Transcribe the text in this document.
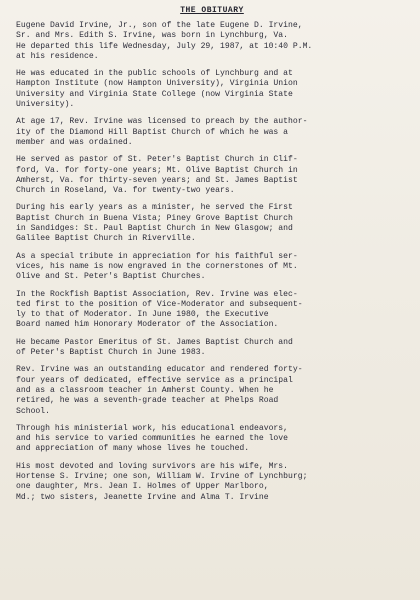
THE OBITUARY
Eugene David Irvine, Jr., son of the late Eugene D. Irvine,
Sr. and Mrs. Edith S. Irvine, was born in Lynchburg, Va.
He departed this life Wednesday, July 29, 1987, at 10:40 P.M.
at his residence.
He was educated in the public schools of Lynchburg and at
Hampton Institute (now Hampton University), Virginia Union
University and Virginia State College (now Virginia State
University).
At age 17, Rev. Irvine was licensed to preach by the author-
ity of the Diamond Hill Baptist Church of which he was a
member and was ordained.
He served as pastor of St. Peter's Baptist Church in Clif-
ford, Va. for forty-one years; Mt. Olive Baptist Church in
Amherst, Va. for thirty-seven years; and St. James Baptist
Church in Roseland, Va. for twenty-two years.
During his early years as a minister, he served the First
Baptist Church in Buena Vista; Piney Grove Baptist Church
in Sandidges: St. Paul Baptist Church in New Glasgow; and
Galilee Baptist Church in Riverville.
As a special tribute in appreciation for his faithful ser-
vices, his name is now engraved in the cornerstones of Mt.
Olive and St. Peter's Baptist Churches.
In the Rockfish Baptist Association, Rev. Irvine was elec-
ted first to the position of Vice-Moderator and subsequent-
ly to that of Moderator. In June 1980, the Executive
Board named him Honorary Moderator of the Association.
He became Pastor Emeritus of St. James Baptist Church and
of Peter's Baptist Church in June 1983.
Rev. Irvine was an outstanding educator and rendered forty-
four years of dedicated, effective service as a principal
and as a classroom teacher in Amherst County. When he
retired, he was a seventh-grade teacher at Phelps Road
School.
Through his ministerial work, his educational endeavors,
and his service to varied communities he earned the love
and appreciation of many whose lives he touched.
His most devoted and loving survivors are his wife, Mrs.
Hortense S. Irvine; one son, William W. Irvine of Lynchburg;
one daughter, Mrs. Jean I. Holmes of Upper Marlboro,
Md.; two sisters, Jeanette Irvine and Alma T. Irvine
